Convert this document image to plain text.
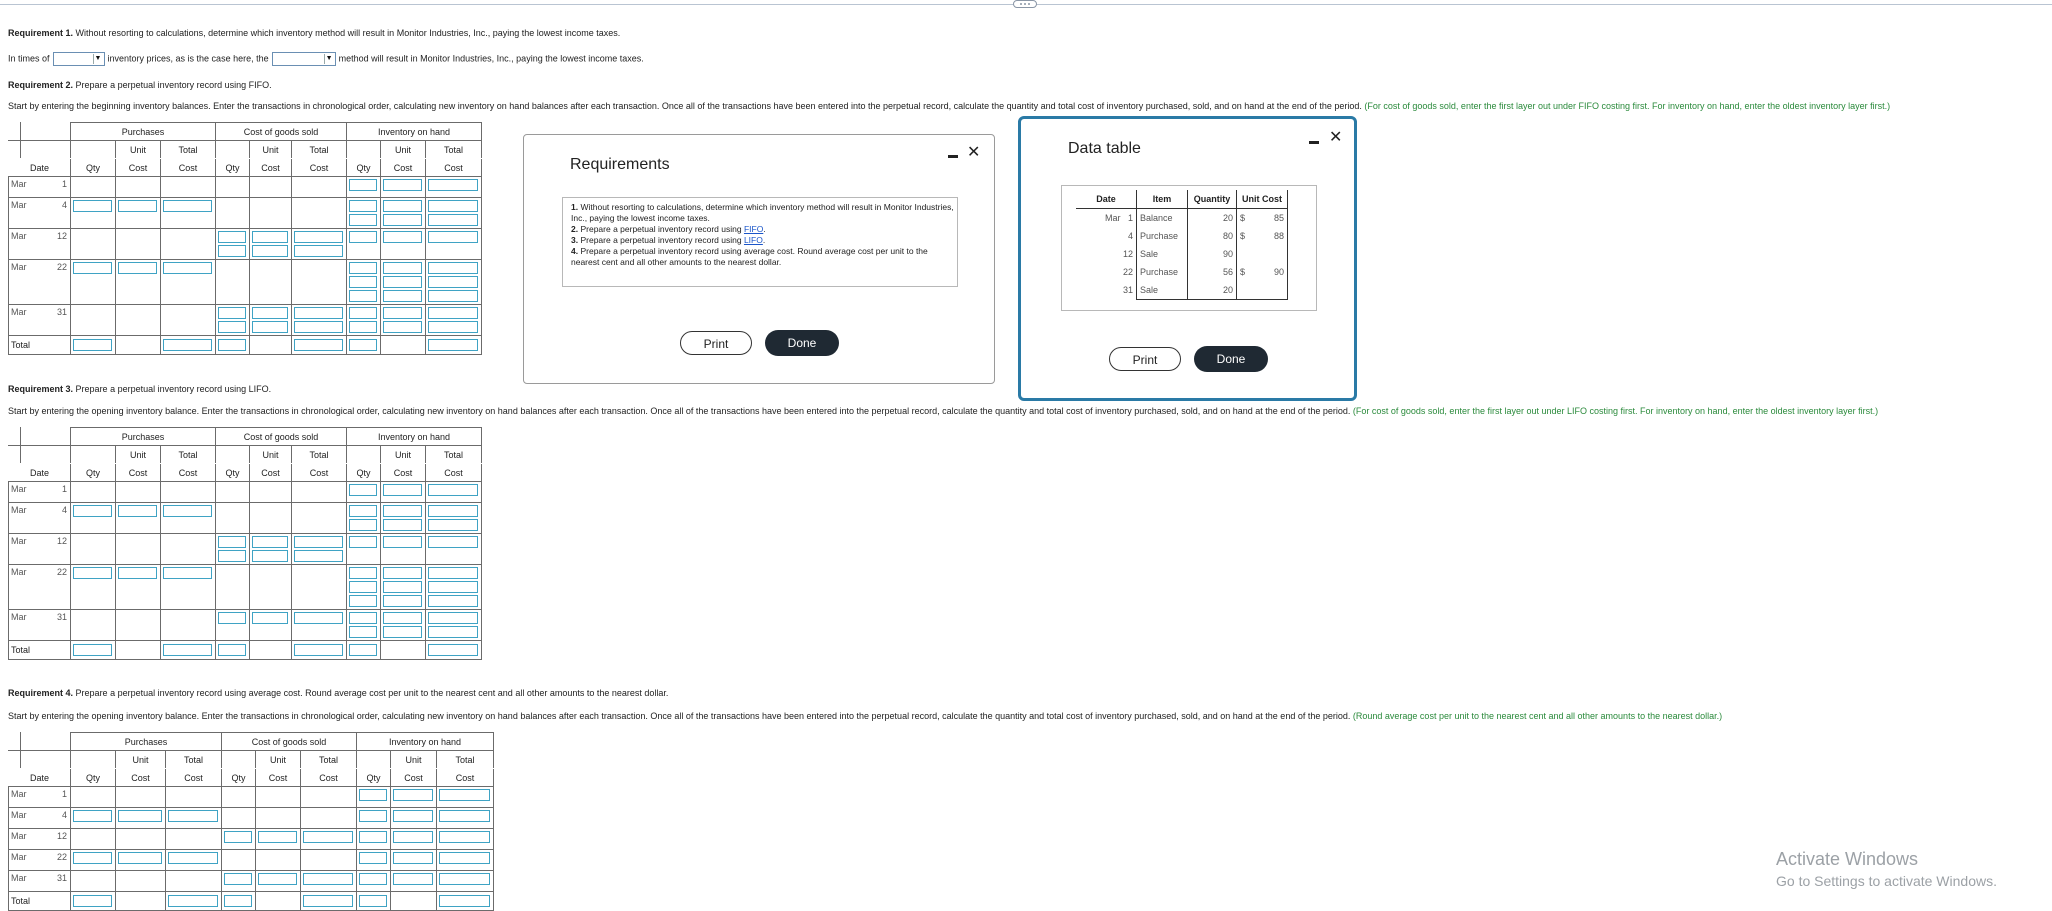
Requirement 1. Without resorting to calculations, determine which inventory method will result in Monitor Industries, Inc., paying the lowest income taxes.
In times of	▼ inventory prices, as is the case here, the	▼ method will result in Monitor Industries, Inc., paying the lowest income taxes.
Requirement 2. Prepare a perpetual inventory record using FIFO.
Start by entering the beginning inventory balances. Enter the transactions in chronological order, calculating new inventory on hand balances after each transaction. Once all of the transactions have been entered into the perpetual record, calculate the quantity and total cost of inventory purchased, sold, and on hand at the end of the period. (For cost of goods sold, enter the first layer out under FIFO costing first. For inventory on hand, enter the oldest inventory layer first.)
		Purchases			Cost of goods sold			Inventory on hand		
			Unit	Total		Unit	Total		Unit	Total
Date		Qty	Cost	Cost	Qty	Cost	Cost	Qty	Cost	Cost
Mar 1										

Mar 4										

Mar 12										

Mar 22										

Mar 31										

Total		

Requirement 3. Prepare a perpetual inventory record using LIFO.
Start by entering the opening inventory balance. Enter the transactions in chronological order, calculating new inventory on hand balances after each transaction. Once all of the transactions have been entered into the perpetual record, calculate the quantity and total cost of inventory purchased, sold, and on hand at the end of the period. (For cost of goods sold, enter the first layer out under LIFO costing first. For inventory on hand, enter the oldest inventory layer first.)
		Purchases			Cost of goods sold			Inventory on hand		
			Unit	Total		Unit	Total		Unit	Total
Date		Qty	Cost	Cost	Qty	Cost	Cost	Qty	Cost	Cost
Mar 1										

Mar 4										

Mar 12										

Mar 22										

Mar 31										

Total		

Requirement 4. Prepare a perpetual inventory record using average cost. Round average cost per unit to the nearest cent and all other amounts to the nearest dollar.
Start by entering the opening inventory balance. Enter the transactions in chronological order, calculating new inventory on hand balances after each transaction. Once all of the transactions have been entered into the perpetual record, calculate the quantity and total cost of inventory purchased, sold, and on hand at the end of the period. (Round average cost per unit to the nearest cent and all other amounts to the nearest dollar.)
		Purchases			Cost of goods sold			Inventory on hand		
			Unit	Total		Unit	Total		Unit	Total
Date		Qty	Cost	Cost	Qty	Cost	Cost	Qty	Cost	Cost
Mar 1										

Mar 4										

Mar 12										

Mar 22										

Mar 31										

Total		

Requirements
✕
1. Without resorting to calculations, determine which inventory method will result in Monitor Industries, Inc., paying the lowest income taxes.
2. Prepare a perpetual inventory record using FIFO.
3. Prepare a perpetual inventory record using LIFO.
4. Prepare a perpetual inventory record using average cost. Round average cost per unit to the nearest cent and all other amounts to the nearest dollar.
Print	Done
Data table
✕
Date	Item	Quantity	Unit Cost
Mar 1	Balance	20	$ 85

4	Purchase	80	$ 88

12	Sale	90	

22	Purchase	56	$ 90

31	Sale	20	
Print	Done
Activate Windows
Go to Settings to activate Windows.
